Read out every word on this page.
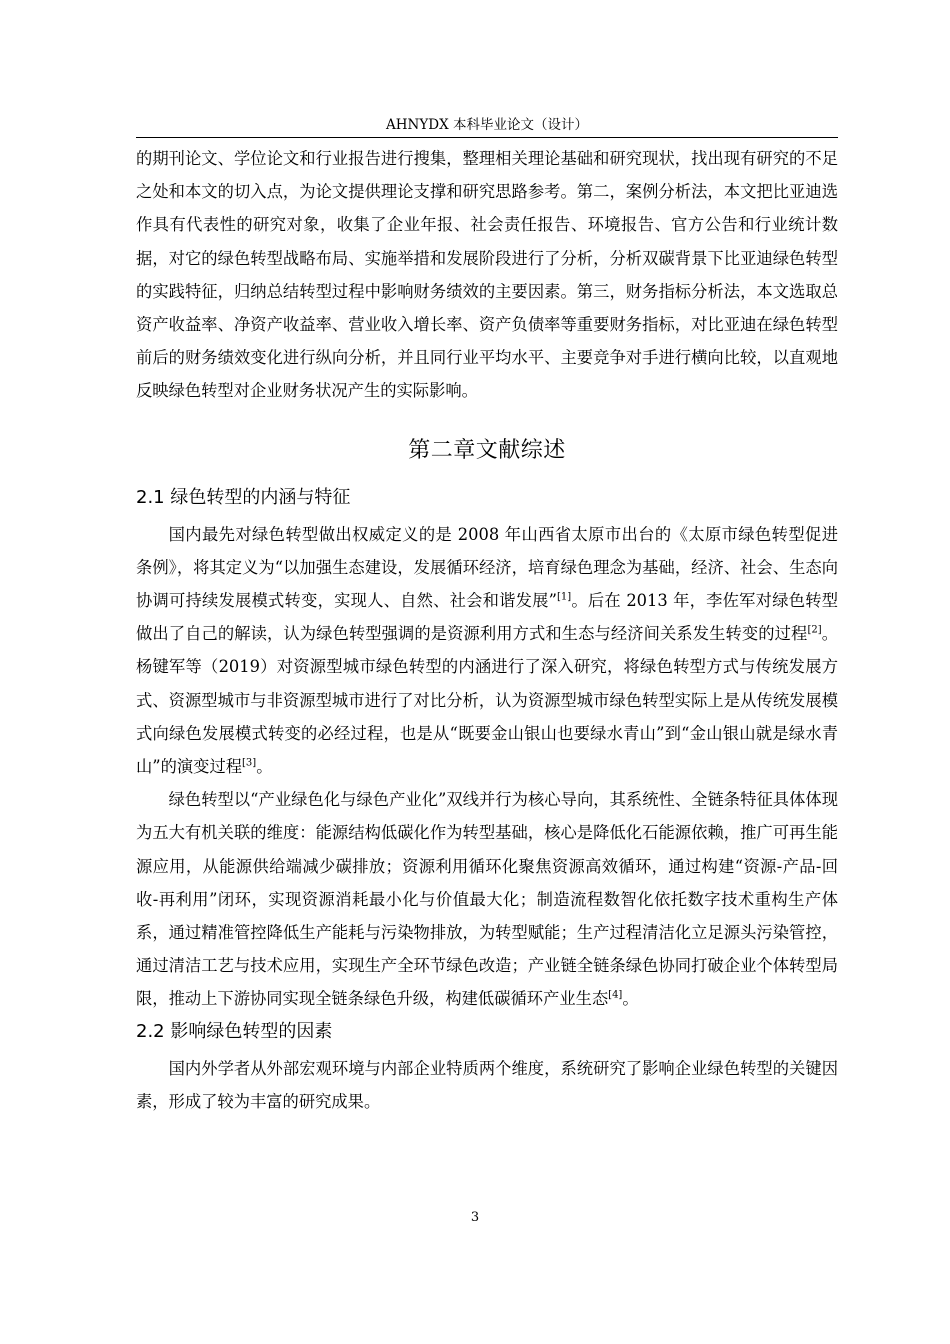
AHNYDX 本科毕业论文（设计）

的期刊论文、学位论文和行业报告进行搜集，整理相关理论基础和研究现状，找出现有研究的不足之处和本文的切入点，为论文提供理论支撑和研究思路参考。第二，案例分析法，本文把比亚迪选作具有代表性的研究对象，收集了企业年报、社会责任报告、环境报告、官方公告和行业统计数据，对它的绿色转型战略布局、实施举措和发展阶段进行了分析，分析双碳背景下比亚迪绿色转型的实践特征，归纳总结转型过程中影响财务绩效的主要因素。第三，财务指标分析法，本文选取总资产收益率、净资产收益率、营业收入增长率、资产负债率等重要财务指标，对比亚迪在绿色转型前后的财务绩效变化进行纵向分析，并且同行业平均水平、主要竞争对手进行横向比较，以直观地反映绿色转型对企业财务状况产生的实际影响。

第二章文献综述
2.1 绿色转型的内涵与特征

国内最先对绿色转型做出权威定义的是 2008 年山西省太原市出台的《太原市绿色转型促进条例》，将其定义为“以加强生态建设，发展循环经济，培育绿色理念为基础，经济、社会、生态向协调可持续发展模式转变，实现人、自然、社会和谐发展”[1]。后在 2013 年，李佐军对绿色转型做出了自己的解读，认为绿色转型强调的是资源利用方式和生态与经济间关系发生转变的过程[2]。杨键军等（2019）对资源型城市绿色转型的内涵进行了深入研究，将绿色转型方式与传统发展方式、资源型城市与非资源型城市进行了对比分析，认为资源型城市绿色转型实际上是从传统发展模式向绿色发展模式转变的必经过程，也是从“既要金山银山也要绿水青山”到“金山银山就是绿水青山”的演变过程[3]。

绿色转型以“产业绿色化与绿色产业化”双线并行为核心导向，其系统性、全链条特征具体体现为五大有机关联的维度：能源结构低碳化作为转型基础，核心是降低化石能源依赖，推广可再生能源应用，从能源供给端减少碳排放；资源利用循环化聚焦资源高效循环，通过构建“资源-产品-回收-再利用”闭环，实现资源消耗最小化与价值最大化；制造流程数智化依托数字技术重构生产体系，通过精准管控降低生产能耗与污染物排放，为转型赋能；生产过程清洁化立足源头污染管控，通过清洁工艺与技术应用，实现生产全环节绿色改造；产业链全链条绿色协同打破企业个体转型局限，推动上下游协同实现全链条绿色升级，构建低碳循环产业生态[4]。

2.2 影响绿色转型的因素

国内外学者从外部宏观环境与内部企业特质两个维度，系统研究了影响企业绿色转型的关键因素，形成了较为丰富的研究成果。

3
